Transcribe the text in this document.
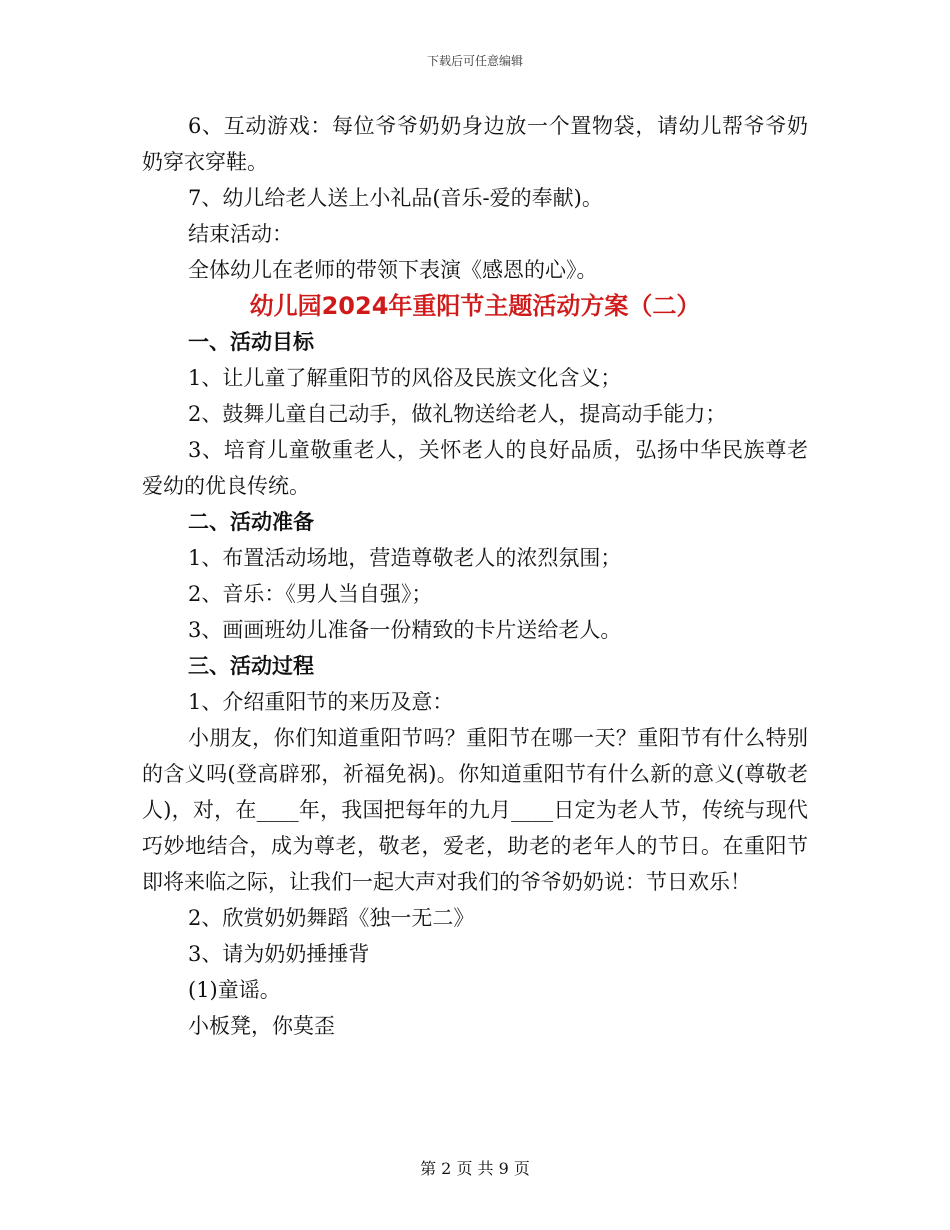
下载后可任意编辑

6、互动游戏：每位爷爷奶奶身边放一个置物袋，请幼儿帮爷爷奶奶穿衣穿鞋。

7、幼儿给老人送上小礼品(音乐-爱的奉献)。

结束活动：

全体幼儿在老师的带领下表演《感恩的心》。

幼儿园2024年重阳节主题活动方案（二）

一、活动目标

1、让儿童了解重阳节的风俗及民族文化含义；

2、鼓舞儿童自己动手，做礼物送给老人，提高动手能力；

3、培育儿童敬重老人，关怀老人的良好品质，弘扬中华民族尊老爱幼的优良传统。

二、活动准备

1、布置活动场地，营造尊敬老人的浓烈氛围；

2、音乐：《男人当自强》；

3、画画班幼儿准备一份精致的卡片送给老人。

三、活动过程

1、介绍重阳节的来历及意：

小朋友，你们知道重阳节吗？重阳节在哪一天？重阳节有什么特别的含义吗(登高辟邪，祈福免祸)。你知道重阳节有什么新的意义(尊敬老人)，对，在____年，我国把每年的九月____日定为老人节，传统与现代巧妙地结合，成为尊老，敬老，爱老，助老的老年人的节日。在重阳节即将来临之际，让我们一起大声对我们的爷爷奶奶说：节日欢乐！

2、欣赏奶奶舞蹈《独一无二》

3、请为奶奶捶捶背

(1)童谣。

小板凳，你莫歪

第 2 页 共 9 页
